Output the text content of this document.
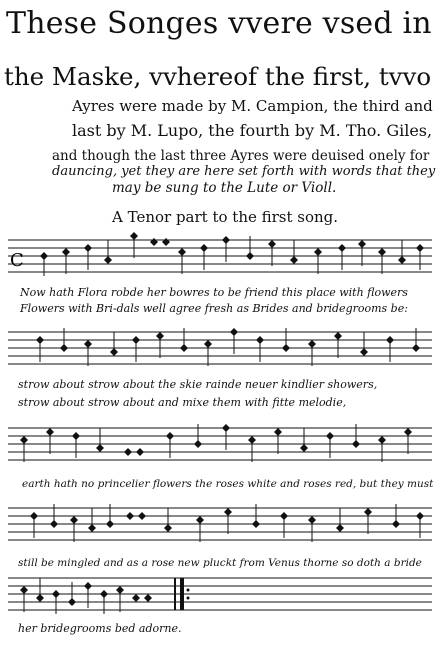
These Songes vvere vsed in
the Maske, vvhereof the first, tvvo
Ayres were made by M. Campion, the third and
last by M. Lupo, the fourth by M. Tho. Giles,
and though the last three Ayres were deuised onely for
dauncing, yet they are here set forth with words that they
may be sung to the Lute or Violl.
A Tenor part to the first song.
C
Now hath Flora robde her bowres to be friend this place with flowers
Flowers with Bri-dals well agree fresh as Brides and bridegrooms be:
strow about strow about the skie rainde neuer kindlier showers,
strow about strow about and mixe them with fitte melodie,
earth hath no princelier flowers the roses white and roses red, but they must
still be mingled and as a rose new pluckt from Venus thorne so doth a bride
her bridegrooms bed adorne.
